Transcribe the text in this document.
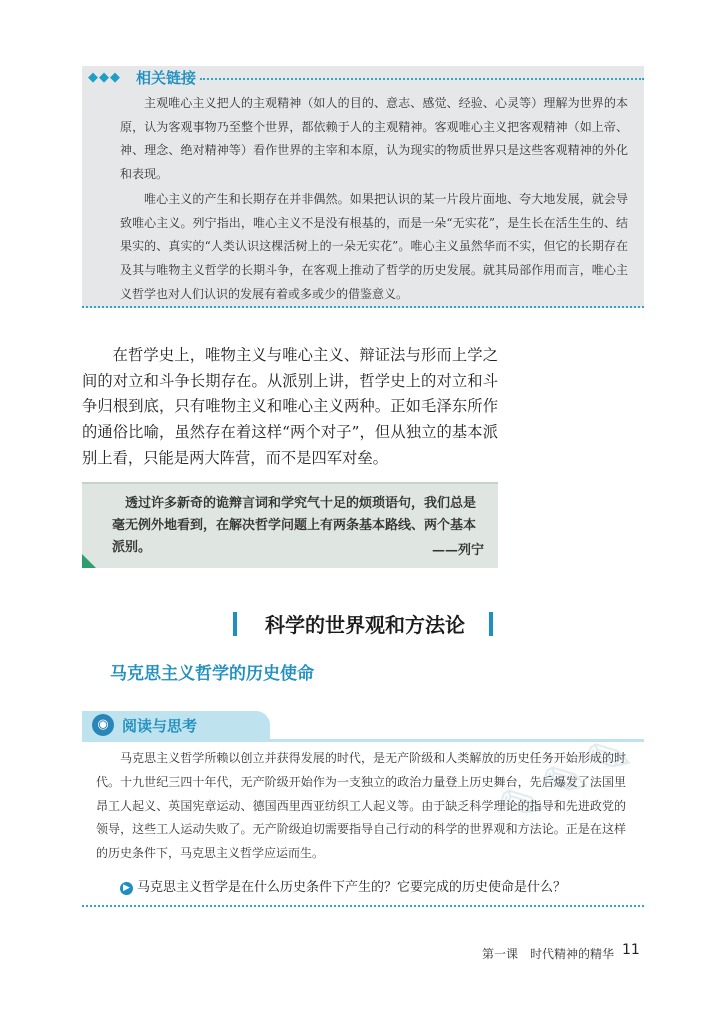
◆◆◆ 相关链接

主观唯心主义把人的主观精神（如人的目的、意志、感觉、经验、心灵等）理解为世界的本原，认为客观事物乃至整个世界，都依赖于人的主观精神。客观唯心主义把客观精神（如上帝、神、理念、绝对精神等）看作世界的主宰和本原，认为现实的物质世界只是这些客观精神的外化和表现。

唯心主义的产生和长期存在并非偶然。如果把认识的某一片段片面地、夸大地发展，就会导致唯心主义。列宁指出，唯心主义不是没有根基的，而是一朵“无实花”，是生长在活生生的、结果实的、真实的“人类认识这棵活树上的一朵无实花”。唯心主义虽然华而不实，但它的长期存在及其与唯物主义哲学的长期斗争，在客观上推动了哲学的历史发展。就其局部作用而言，唯心主义哲学也对人们认识的发展有着或多或少的借鉴意义。

在哲学史上，唯物主义与唯心主义、辩证法与形而上学之间的对立和斗争长期存在。从派别上讲，哲学史上的对立和斗争归根到底，只有唯物主义和唯心主义两种。正如毛泽东所作的通俗比喻，虽然存在着这样“两个对子”，但从独立的基本派别上看，只能是两大阵营，而不是四军对垒。

透过许多新奇的诡辩言词和学究气十足的烦琐语句，我们总是毫无例外地看到，在解决哲学问题上有两条基本路线、两个基本派别。	——列宁
科学的世界观和方法论
马克思主义哲学的历史使命
◉ 阅读与思考	✎✎✎

马克思主义哲学所赖以创立并获得发展的时代，是无产阶级和人类解放的历史任务开始形成的时代。十九世纪三四十年代，无产阶级开始作为一支独立的政治力量登上历史舞台，先后爆发了法国里昂工人起义、英国宪章运动、德国西里西亚纺织工人起义等。由于缺乏科学理论的指导和先进政党的领导，这些工人运动失败了。无产阶级迫切需要指导自己行动的科学的世界观和方法论。正是在这样的历史条件下，马克思主义哲学应运而生。

▶ 马克思主义哲学是在什么历史条件下产生的？它要完成的历史使命是什么？
第一课　时代精神的精华 11
